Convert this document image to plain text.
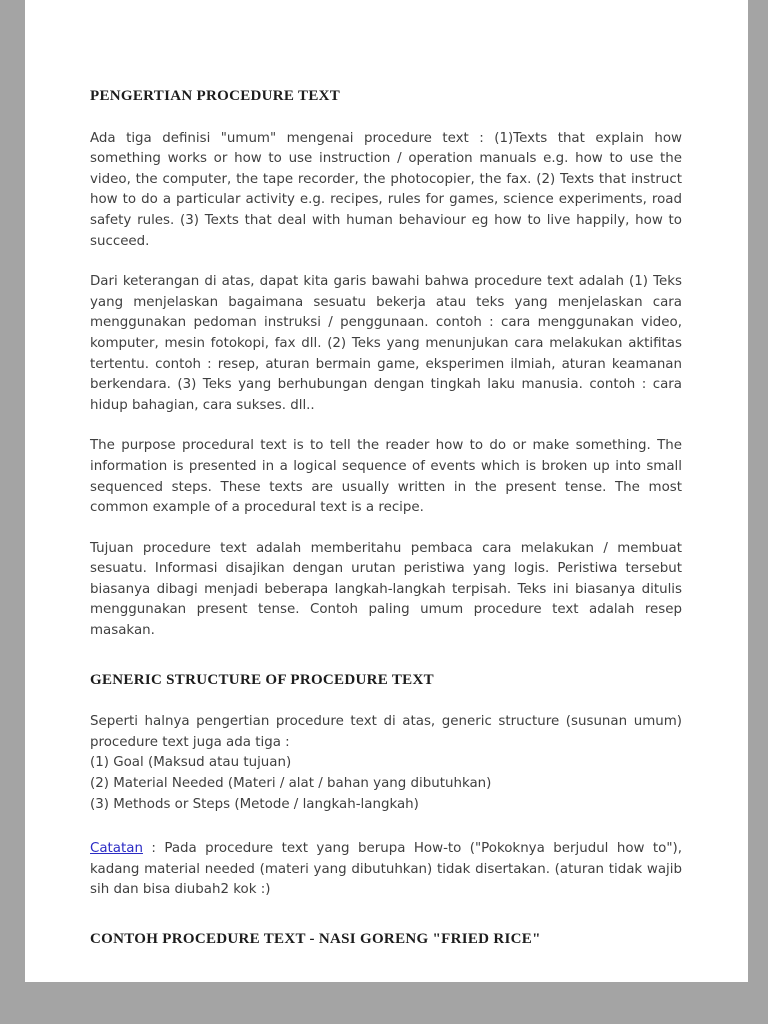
PENGERTIAN PROCEDURE TEXT

Ada tiga definisi "umum" mengenai procedure text : (1)Texts that explain how something works or how to use instruction / operation manuals e.g. how to use the video, the computer, the tape recorder, the photocopier, the fax. (2) Texts that instruct how to do a particular activity e.g. recipes, rules for games, science experiments, road safety rules. (3) Texts that deal with human behaviour eg how to live happily, how to succeed.

Dari keterangan di atas, dapat kita garis bawahi bahwa procedure text adalah (1) Teks yang menjelaskan bagaimana sesuatu bekerja atau teks yang menjelaskan cara menggunakan pedoman instruksi / penggunaan. contoh : cara menggunakan video, komputer, mesin fotokopi, fax dll. (2) Teks yang menunjukan cara melakukan aktifitas tertentu. contoh : resep, aturan bermain game, eksperimen ilmiah, aturan keamanan berkendara. (3) Teks yang berhubungan dengan tingkah laku manusia. contoh : cara hidup bahagian, cara sukses. dll..

The purpose procedural text is to tell the reader how to do or make something. The information is presented in a logical sequence of events which is broken up into small sequenced steps. These texts are usually written in the present tense. The most common example of a procedural text is a recipe.

Tujuan procedure text adalah memberitahu pembaca cara melakukan / membuat sesuatu. Informasi disajikan dengan urutan peristiwa yang logis. Peristiwa tersebut biasanya dibagi menjadi beberapa langkah-langkah terpisah. Teks ini biasanya ditulis menggunakan present tense. Contoh paling umum procedure text adalah resep masakan.

GENERIC STRUCTURE OF PROCEDURE TEXT

Seperti halnya pengertian procedure text di atas, generic structure (susunan umum) procedure text juga ada tiga :

(1) Goal (Maksud atau tujuan)

(2) Material Needed (Materi / alat / bahan yang dibutuhkan)

(3) Methods or Steps (Metode / langkah-langkah)

Catatan : Pada procedure text yang berupa How-to ("Pokoknya berjudul how to"), kadang material needed (materi yang dibutuhkan) tidak disertakan. (aturan tidak wajib sih dan bisa diubah2 kok :)

CONTOH PROCEDURE TEXT - NASI GORENG "FRIED RICE"
